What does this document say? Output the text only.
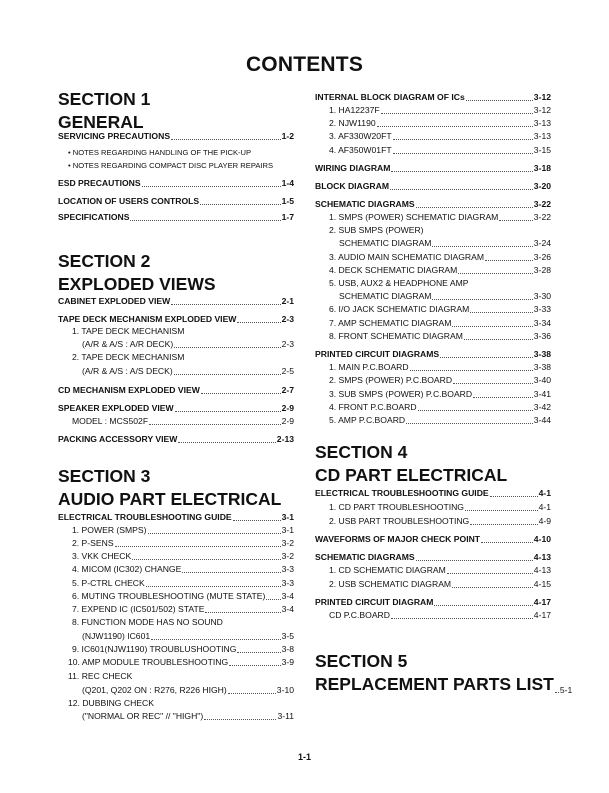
CONTENTS
SECTION 1
GENERAL
SECTION 2
EXPLODED VIEWS
SECTION 3
AUDIO PART ELECTRICAL
SERVICING PRECAUTIONS	1-2
• NOTES REGARDING HANDLING OF THE PICK-UP
• NOTES REGARDING COMPACT DISC PLAYER REPAIRS
ESD PRECAUTIONS	1-4
LOCATION OF USERS CONTROLS	1-5
SPECIFICATIONS	1-7
CABINET EXPLODED VIEW	2-1
TAPE DECK MECHANISM EXPLODED VIEW	2-3
1. TAPE DECK MECHANISM
(A/R & A/S : A/R DECK)	2-3
2. TAPE DECK MECHANISM
(A/R & A/S : A/S DECK)	2-5
CD MECHANISM EXPLODED VIEW	2-7
SPEAKER EXPLODED VIEW	2-9
MODEL : MCS502F	2-9
PACKING ACCESSORY VIEW	2-13
ELECTRICAL TROUBLESHOOTING GUIDE	3-1
1. POWER (SMPS)	3-1
2. P-SENS	3-2
3. VKK CHECK	3-2
4. MICOM (IC302) CHANGE	3-3
5. P-CTRL CHECK	3-3
6. MUTING TROUBLESHOOTING (MUTE STATE) 3-4
7. EXPEND IC (IC501/502) STATE	3-4
8. FUNCTION MODE HAS NO SOUND
(NJW1190) IC601	3-5
9. IC601(NJW1190) TROUBLUSHOOTING	3-8
10. AMP MODULE TROUBLESHOOTING	3-9
11. REC CHECK
(Q201, Q202 ON : R276, R226 HIGH)	3-10
12. DUBBING CHECK
("NORMAL OR REC" // "HIGH")	3-11
SECTION 4
CD PART ELECTRICAL
SECTION 5
REPLACEMENT PARTS LIST 5-1
INTERNAL BLOCK DIAGRAM OF ICs	3-12
1. HA12237F	3-12
2. NJW1190	3-13
3. AF330W20FT	3-13
4. AF350W01FT	3-15
WIRING DIAGRAM	3-18
BLOCK DIAGRAM	3-20
SCHEMATIC DIAGRAMS	3-22
1. SMPS (POWER) SCHEMATIC DIAGRAM	3-22
2. SUB SMPS (POWER)
SCHEMATIC DIAGRAM	3-24
3. AUDIO MAIN SCHEMATIC DIAGRAM	3-26
4. DECK SCHEMATIC DIAGRAM	3-28
5. USB, AUX2 & HEADPHONE AMP
SCHEMATIC DIAGRAM	3-30
6. I/O JACK SCHEMATIC DIAGRAM	3-33
7. AMP SCHEMATIC DIAGRAM	3-34
8. FRONT SCHEMATIC DIAGRAM	3-36
PRINTED CIRCUIT DIAGRAMS	3-38
1. MAIN P.C.BOARD	3-38
2. SMPS (POWER) P.C.BOARD	3-40
3. SUB SMPS (POWER) P.C.BOARD	3-41
4. FRONT P.C.BOARD	3-42
5. AMP P.C.BOARD	3-44
ELECTRICAL TROUBLESHOOTING GUIDE	4-1
1. CD PART TROUBLESHOOTING	4-1
2. USB PART TROUBLESHOOTING	4-9
WAVEFORMS OF MAJOR CHECK POINT	4-10
SCHEMATIC DIAGRAMS	4-13
1. CD SCHEMATIC DIAGRAM	4-13
2. USB SCHEMATIC DIAGRAM	4-15
PRINTED CIRCUIT DIAGRAM	4-17
CD P.C.BOARD	4-17
1-1
